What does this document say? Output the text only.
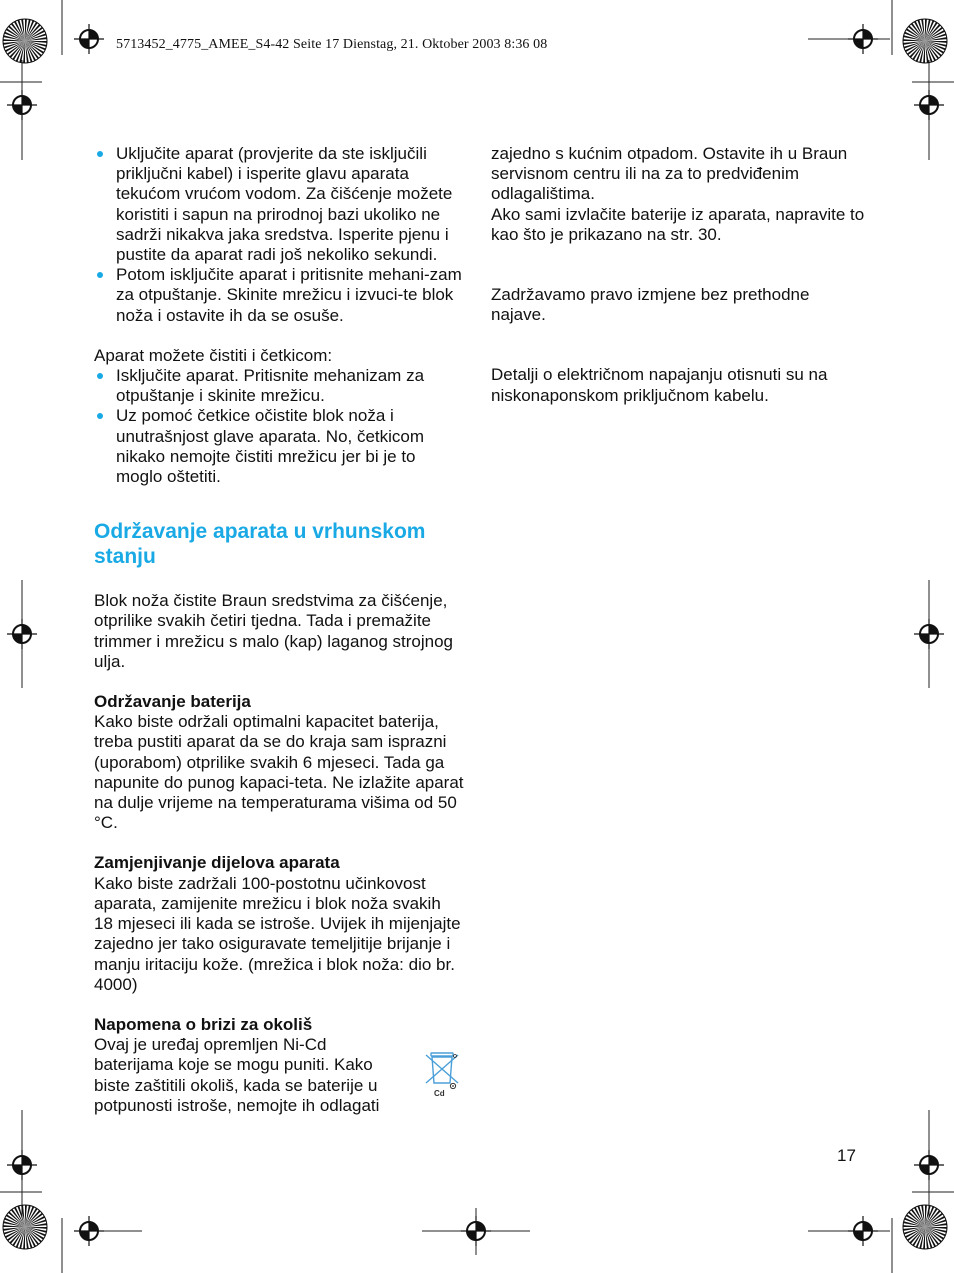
5713452_4775_AMEE_S4-42 Seite 17 Dienstag, 21. Oktober 2003 8:36 08
Uključite aparat (provjerite da ste isključili priključni kabel) i isperite glavu aparata tekućom vrućom vodom. Za čišćenje možete koristiti i sapun na prirodnoj bazi ukoliko ne sadrži nikakva jaka sredstva. Isperite pjenu i pustite da aparat radi još nekoliko sekundi.
Potom isključite aparat i pritisnite mehani-zam za otpuštanje. Skinite mrežicu i izvuci-te blok noža i ostavite ih da se osuše.

Aparat možete čistiti i četkicom:

Isključite aparat. Pritisnite mehanizam za otpuštanje i skinite mrežicu.
Uz pomoć četkice očistite blok noža i unutrašnjost glave aparata. No, četkicom nikako nemojte čistiti mrežicu jer bi je to moglo oštetiti.
Održavanje aparata u vrhunskom stanju

Blok noža čistite Braun sredstvima za čišćenje, otprilike svakih četiri tjedna. Tada i premažite trimmer i mrežicu s malo (kap) laganog strojnog ulja.

Održavanje baterija

Kako biste održali optimalni kapacitet baterija, treba pustiti aparat da se do kraja sam isprazni (uporabom) otprilike svakih 6 mjeseci. Tada ga napunite do punog kapaci-teta. Ne izlažite aparat na dulje vrijeme na temperaturama višima od 50 °C.

Zamjenjivanje dijelova aparata

Kako biste zadržali 100-postotnu učinkovost aparata, zamijenite mrežicu i blok noža svakih 18 mjeseci ili kada se istroše. Uvijek ih mijenjajte zajedno jer tako osiguravate temeljitije brijanje i manju iritaciju kože. (mrežica i blok noža: dio br. 4000)

Napomena o brizi za okoliš

Ovaj je uređaj opremljen Ni-Cd baterijama koje se mogu puniti. Kako biste zaštitili okoliš, kada se baterije u potpunosti istroše, nemojte ih odlagati

Cd

zajedno s kućnim otpadom. Ostavite ih u Braun servisnom centru ili na za to predviđenim odlagalištima.

Ako sami izvlačite baterije iz aparata, napravite to kao što je prikazano na str. 30.

Zadržavamo pravo izmjene bez prethodne najave.

Detalji o električnom napajanju otisnuti su na niskonaponskom priključnom kabelu.

17
